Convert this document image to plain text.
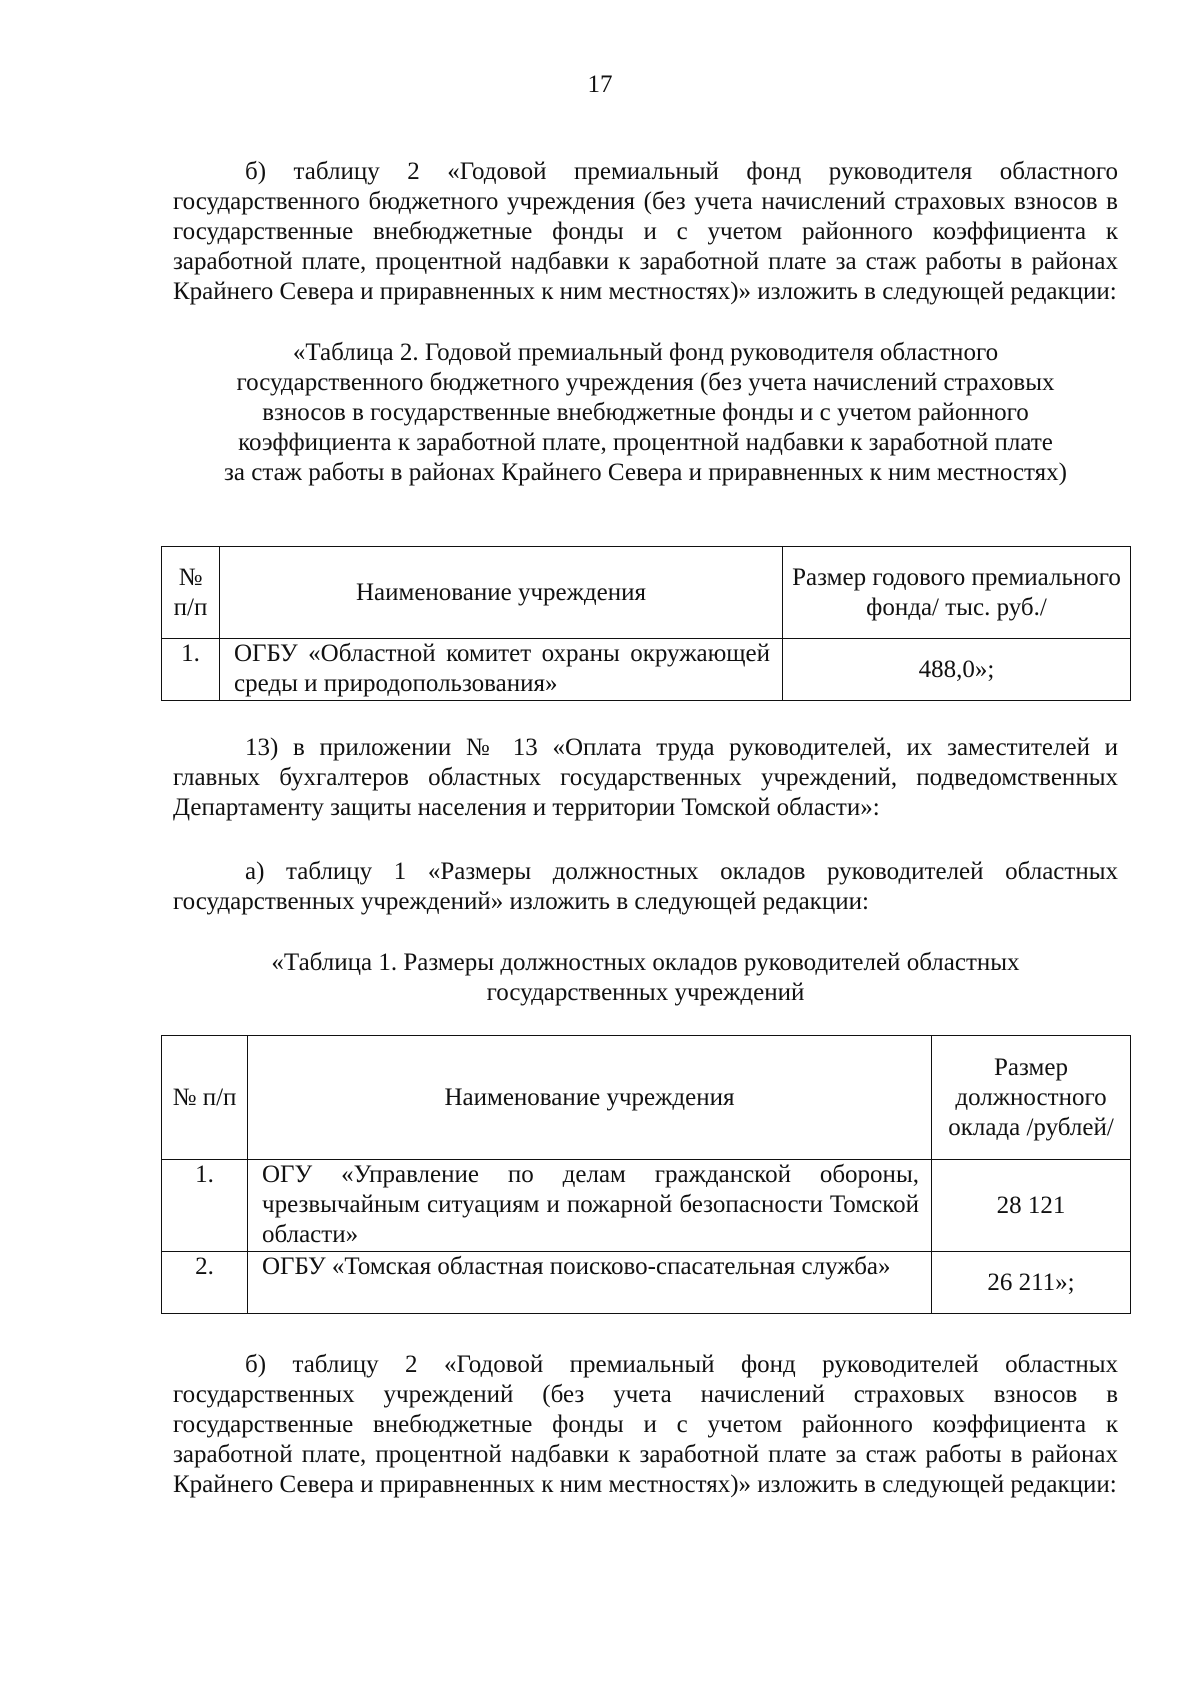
17

б) таблицу 2 «Годовой премиальный фонд руководителя областного государственного бюджетного учреждения (без учета начислений страховых взносов в государственные внебюджетные фонды и с учетом районного коэффициента к заработной плате, процентной надбавки к заработной плате за стаж работы в районах Крайнего Севера и приравненных к ним местностях)» изложить в следующей редакции:

«Таблица 2. Годовой премиальный фонд руководителя областного
государственного бюджетного учреждения (без учета начислений страховых
взносов в государственные внебюджетные фонды и с учетом районного
коэффициента к заработной плате, процентной надбавки к заработной плате
за стаж работы в районах Крайнего Севера и приравненных к ним местностях)
№ п/п	Наименование учреждения	Размер годового премиального фонда/ тыс. руб./
1.	ОГБУ «Областной комитет охраны окружающей среды и природопользования»	488,0»;

13) в приложении № 13 «Оплата труда руководителей, их заместителей и главных бухгалтеров областных государственных учреждений, подведомственных Департаменту защиты населения и территории Томской области»:

а) таблицу 1 «Размеры должностных окладов руководителей областных государственных учреждений» изложить в следующей редакции:

«Таблица 1. Размеры должностных окладов руководителей областных
государственных учреждений
№ п/п	Наименование учреждения	Размер должностного оклада /рублей/
1.	ОГУ «Управление по делам гражданской обороны, чрезвычайным ситуациям и пожарной безопасности Томской области»	28 121
2.	ОГБУ «Томская областная поисково-спасательная служба»	26 211»;

б) таблицу 2 «Годовой премиальный фонд руководителей областных государственных учреждений (без учета начислений страховых взносов в государственные внебюджетные фонды и с учетом районного коэффициента к заработной плате, процентной надбавки к заработной плате за стаж работы в районах Крайнего Севера и приравненных к ним местностях)» изложить в следующей редакции:
